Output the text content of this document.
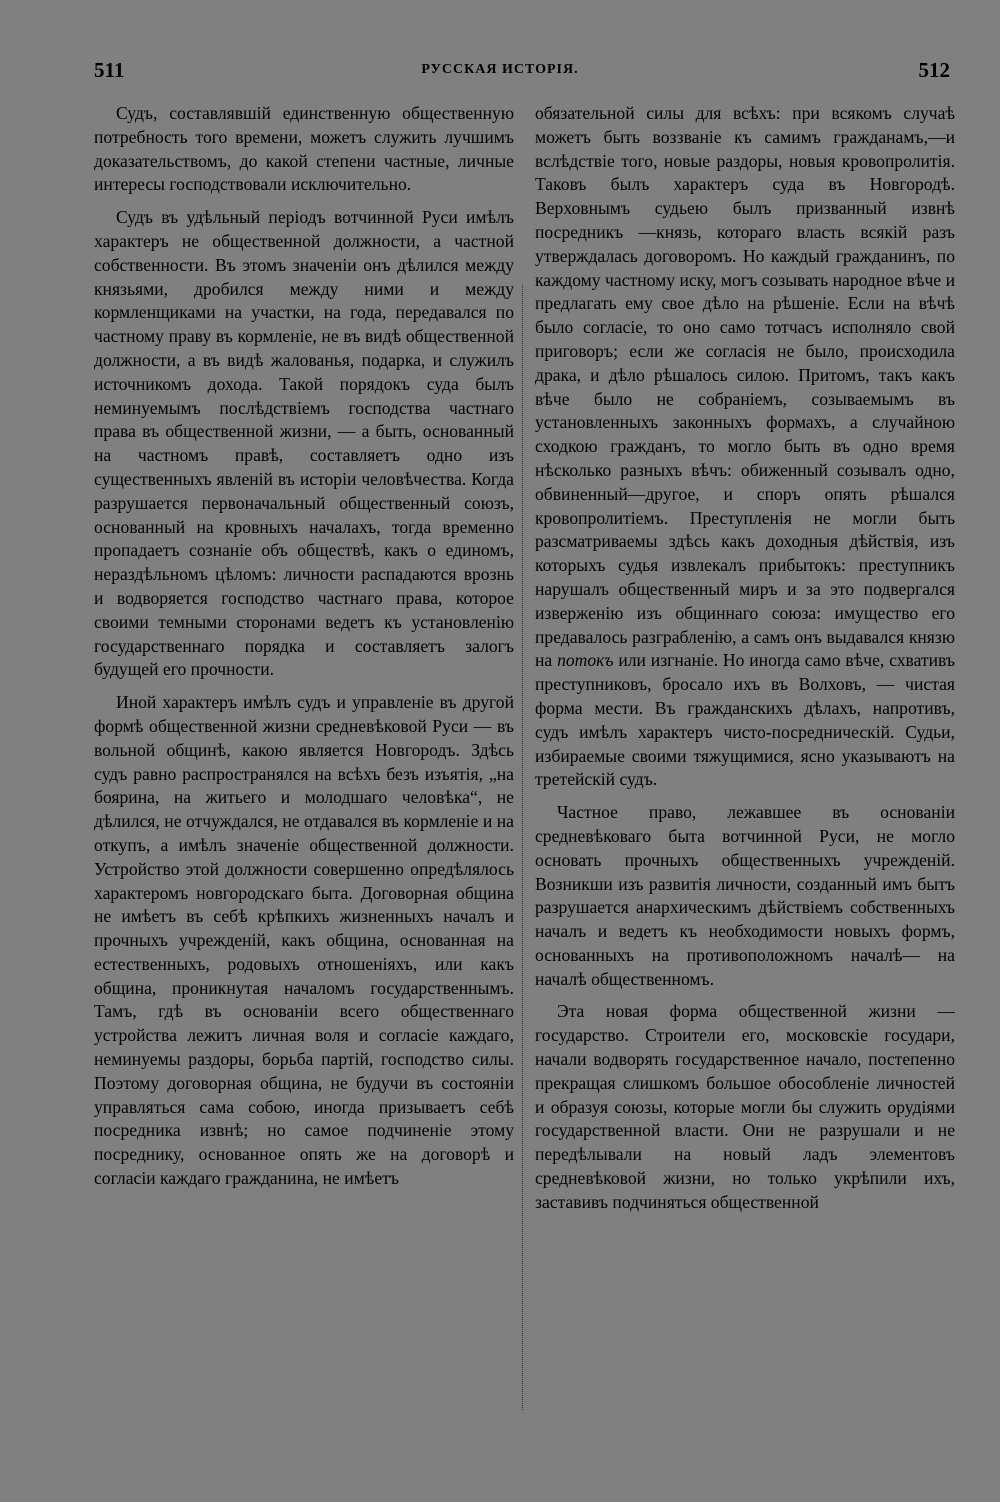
511	РУССКАЯ ИСТОРІЯ.	512

Судъ, составлявшій единственную общественную потребность того времени, можетъ служить лучшимъ доказательствомъ, до какой степени частные, личные интересы господствовали исключительно.

Судъ въ удѣльный періодъ вотчинной Руси имѣлъ характеръ не общественной должности, а частной собственности. Въ этомъ значеніи онъ дѣлился между князьями, дробился между ними и между кормленщиками на участки, на года, передавался по частному праву въ кормленіе, не въ видѣ общественной должности, а въ видѣ жалованья, подарка, и служилъ источникомъ дохода. Такой порядокъ суда былъ неминуемымъ послѣдствіемъ господства частнаго права въ общественной жизни, — а быть, основанный на частномъ правѣ, составляетъ одно изъ существенныхъ явленій въ исторіи человѣчества. Когда разрушается первоначальный общественный союзъ, основанный на кровныхъ началахъ, тогда временно пропадаетъ сознаніе объ обществѣ, какъ о единомъ, нераздѣльномъ цѣломъ: личности распадаются врознь и водворяется господство частнаго права, которое своими темными сторонами ведетъ къ установленію государственнаго порядка и составляетъ залогъ будущей его прочности.

Иной характеръ имѣлъ судъ и управленіе въ другой формѣ общественной жизни средневѣковой Руси — въ вольной общинѣ, какою является Новгородъ. Здѣсь судъ равно распространялся на всѣхъ безъ изъятія, „на боярина, на житьего и молодшаго человѣка“, не дѣлился, не отчуждался, не отдавался въ кормленіе и на откупъ, а имѣлъ значеніе общественной должности. Устройство этой должности совершенно опредѣлялось характеромъ новгородскаго быта. Договорная община не имѣетъ въ себѣ крѣпкихъ жизненныхъ началъ и прочныхъ учрежденій, какъ община, основанная на естественныхъ, родовыхъ отношеніяхъ, или какъ община, проникнутая началомъ государственнымъ. Тамъ, гдѣ въ основаніи всего общественнаго устройства лежитъ личная воля и согласіе каждаго, неминуемы раздоры, борьба партій, господство силы. Поэтому договорная община, не будучи въ состояніи управляться сама собою, иногда призываетъ себѣ посредника извнѣ; но самое подчиненіе этому посреднику, основанное опять же на договорѣ и согласіи каждаго гражданина, не имѣетъ

обязательной силы для всѣхъ: при всякомъ случаѣ можетъ быть воззваніе къ самимъ гражданамъ,—и вслѣдствіе того, новые раздоры, новыя кровопролитія. Таковъ былъ характеръ суда въ Новгородѣ. Верховнымъ судьею былъ призванный извнѣ посредникъ —князь, котораго власть всякій разъ утверждалась договоромъ. Но каждый гражданинъ, по каждому частному иску, могъ созывать народное вѣче и предлагать ему свое дѣло на рѣшеніе. Если на вѣчѣ было согласіе, то оно само тотчасъ исполняло свой приговоръ; если же согласія не было, происходила драка, и дѣло рѣшалось силою. Притомъ, такъ какъ вѣче было не собраніемъ, созываемымъ въ установленныхъ законныхъ формахъ, а случайною сходкою гражданъ, то могло быть въ одно время нѣсколько разныхъ вѣчъ: обиженный созывалъ одно, обвиненный—другое, и споръ опять рѣшался кровопролитіемъ. Преступленія не могли быть разсматриваемы здѣсь какъ доходныя дѣйствія, изъ которыхъ судья извлекалъ прибытокъ: преступникъ нарушалъ общественный миръ и за это подвергался изверженію изъ общиннаго союза: имущество его предавалось разграбленію, а самъ онъ выдавался князю на потокъ или изгнаніе. Но иногда само вѣче, схвативъ преступниковъ, бросало ихъ въ Волховъ, — чистая форма мести. Въ гражданскихъ дѣлахъ, напротивъ, судъ имѣлъ характеръ чисто-посредническій. Судьи, избираемые своими тяжущимися, ясно указываютъ на третейскій судъ.

Частное право, лежавшее въ основаніи средневѣковаго быта вотчинной Руси, не могло основать прочныхъ общественныхъ учрежденій. Возникши изъ развитія личности, созданный имъ бытъ разрушается анархическимъ дѣйствіемъ собственныхъ началъ и ведетъ къ необходимости новыхъ формъ, основанныхъ на противоположномъ началѣ— на началѣ общественномъ.

Эта новая форма общественной жизни — государство. Строители его, московскіе государи, начали водворять государственное начало, постепенно прекращая слишкомъ большое обособленіе личностей и образуя союзы, которые могли бы служить орудіями государственной власти. Они не разрушали и не передѣлывали на новый ладъ элементовъ средневѣковой жизни, но только укрѣпили ихъ, заставивъ подчиняться общественной
